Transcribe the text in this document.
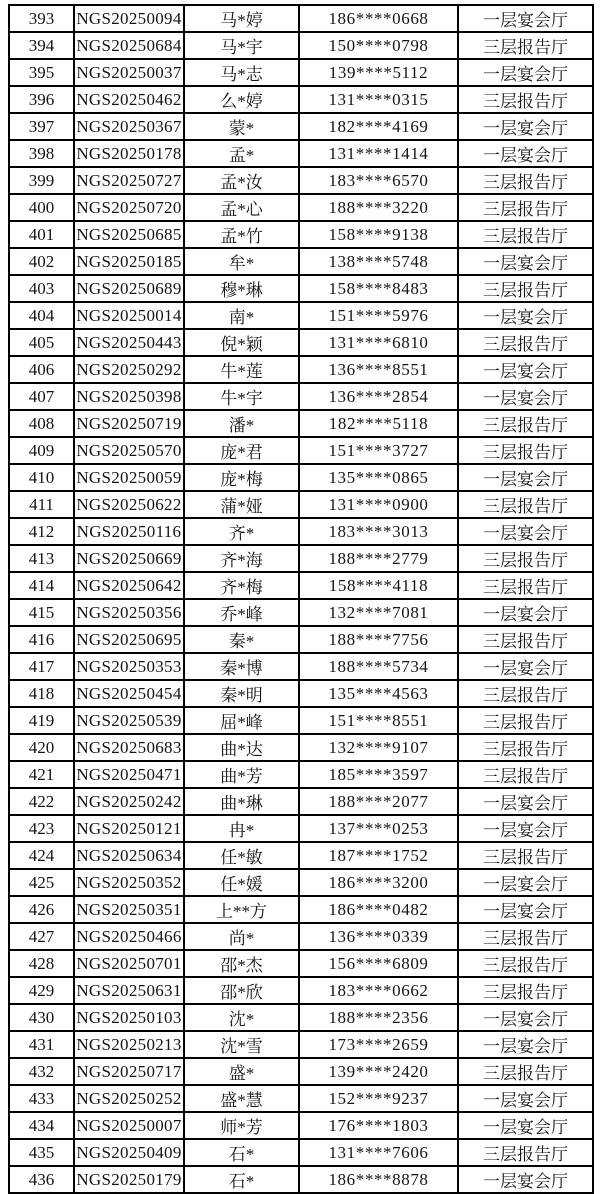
393	NGS20250094	马*婷	186****0668	一层宴会厅
394	NGS20250684	马*宇	150****0798	三层报告厅
395	NGS20250037	马*志	139****5112	一层宴会厅
396	NGS20250462	么*婷	131****0315	三层报告厅
397	NGS20250367	蒙*	182****4169	一层宴会厅
398	NGS20250178	孟*	131****1414	一层宴会厅
399	NGS20250727	孟*汝	183****6570	三层报告厅
400	NGS20250720	孟*心	188****3220	三层报告厅
401	NGS20250685	孟*竹	158****9138	三层报告厅
402	NGS20250185	牟*	138****5748	一层宴会厅
403	NGS20250689	穆*琳	158****8483	三层报告厅
404	NGS20250014	南*	151****5976	一层宴会厅
405	NGS20250443	倪*颖	131****6810	三层报告厅
406	NGS20250292	牛*莲	136****8551	一层宴会厅
407	NGS20250398	牛*宇	136****2854	一层宴会厅
408	NGS20250719	潘*	182****5118	三层报告厅
409	NGS20250570	庞*君	151****3727	三层报告厅
410	NGS20250059	庞*梅	135****0865	一层宴会厅
411	NGS20250622	蒲*娅	131****0900	三层报告厅
412	NGS20250116	齐*	183****3013	一层宴会厅
413	NGS20250669	齐*海	188****2779	三层报告厅
414	NGS20250642	齐*梅	158****4118	三层报告厅
415	NGS20250356	乔*峰	132****7081	一层宴会厅
416	NGS20250695	秦*	188****7756	三层报告厅
417	NGS20250353	秦*博	188****5734	一层宴会厅
418	NGS20250454	秦*明	135****4563	三层报告厅
419	NGS20250539	屈*峰	151****8551	三层报告厅
420	NGS20250683	曲*达	132****9107	三层报告厅
421	NGS20250471	曲*芳	185****3597	三层报告厅
422	NGS20250242	曲*琳	188****2077	一层宴会厅
423	NGS20250121	冉*	137****0253	一层宴会厅
424	NGS20250634	任*敏	187****1752	三层报告厅
425	NGS20250352	任*媛	186****3200	一层宴会厅
426	NGS20250351	上**方	186****0482	一层宴会厅
427	NGS20250466	尚*	136****0339	三层报告厅
428	NGS20250701	邵*杰	156****6809	三层报告厅
429	NGS20250631	邵*欣	183****0662	三层报告厅
430	NGS20250103	沈*	188****2356	一层宴会厅
431	NGS20250213	沈*雪	173****2659	一层宴会厅
432	NGS20250717	盛*	139****2420	三层报告厅
433	NGS20250252	盛*慧	152****9237	一层宴会厅
434	NGS20250007	师*芳	176****1803	一层宴会厅
435	NGS20250409	石*	131****7606	三层报告厅
436	NGS20250179	石*	186****8878	一层宴会厅
